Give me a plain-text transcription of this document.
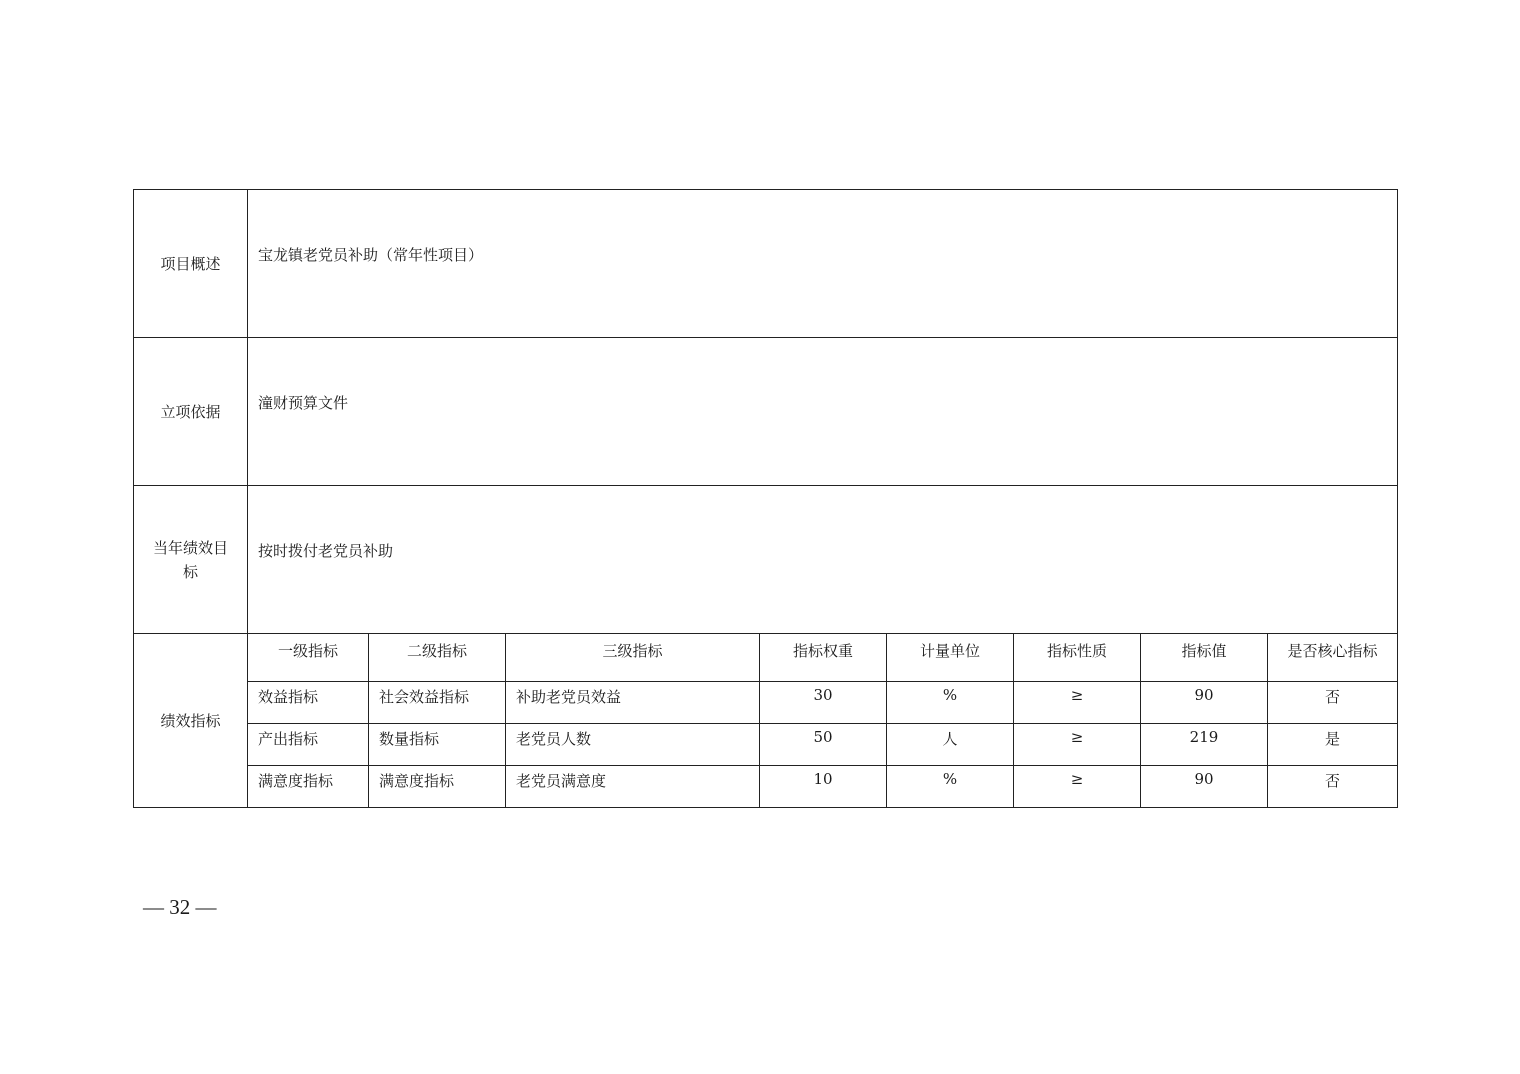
项目概述	宝龙镇老党员补助（常年性项目）							
立项依据	潼财预算文件							
当年绩效目标	按时拨付老党员补助							
绩效指标	一级指标	二级指标	三级指标	指标权重	计量单位	指标性质	指标值	是否核心指标
	效益指标	社会效益指标	补助老党员效益	30	%	≥	90	否
	产出指标	数量指标	老党员人数	50	人	≥	219	是
	满意度指标	满意度指标	老党员满意度	10	%	≥	90	否
— 32 —
